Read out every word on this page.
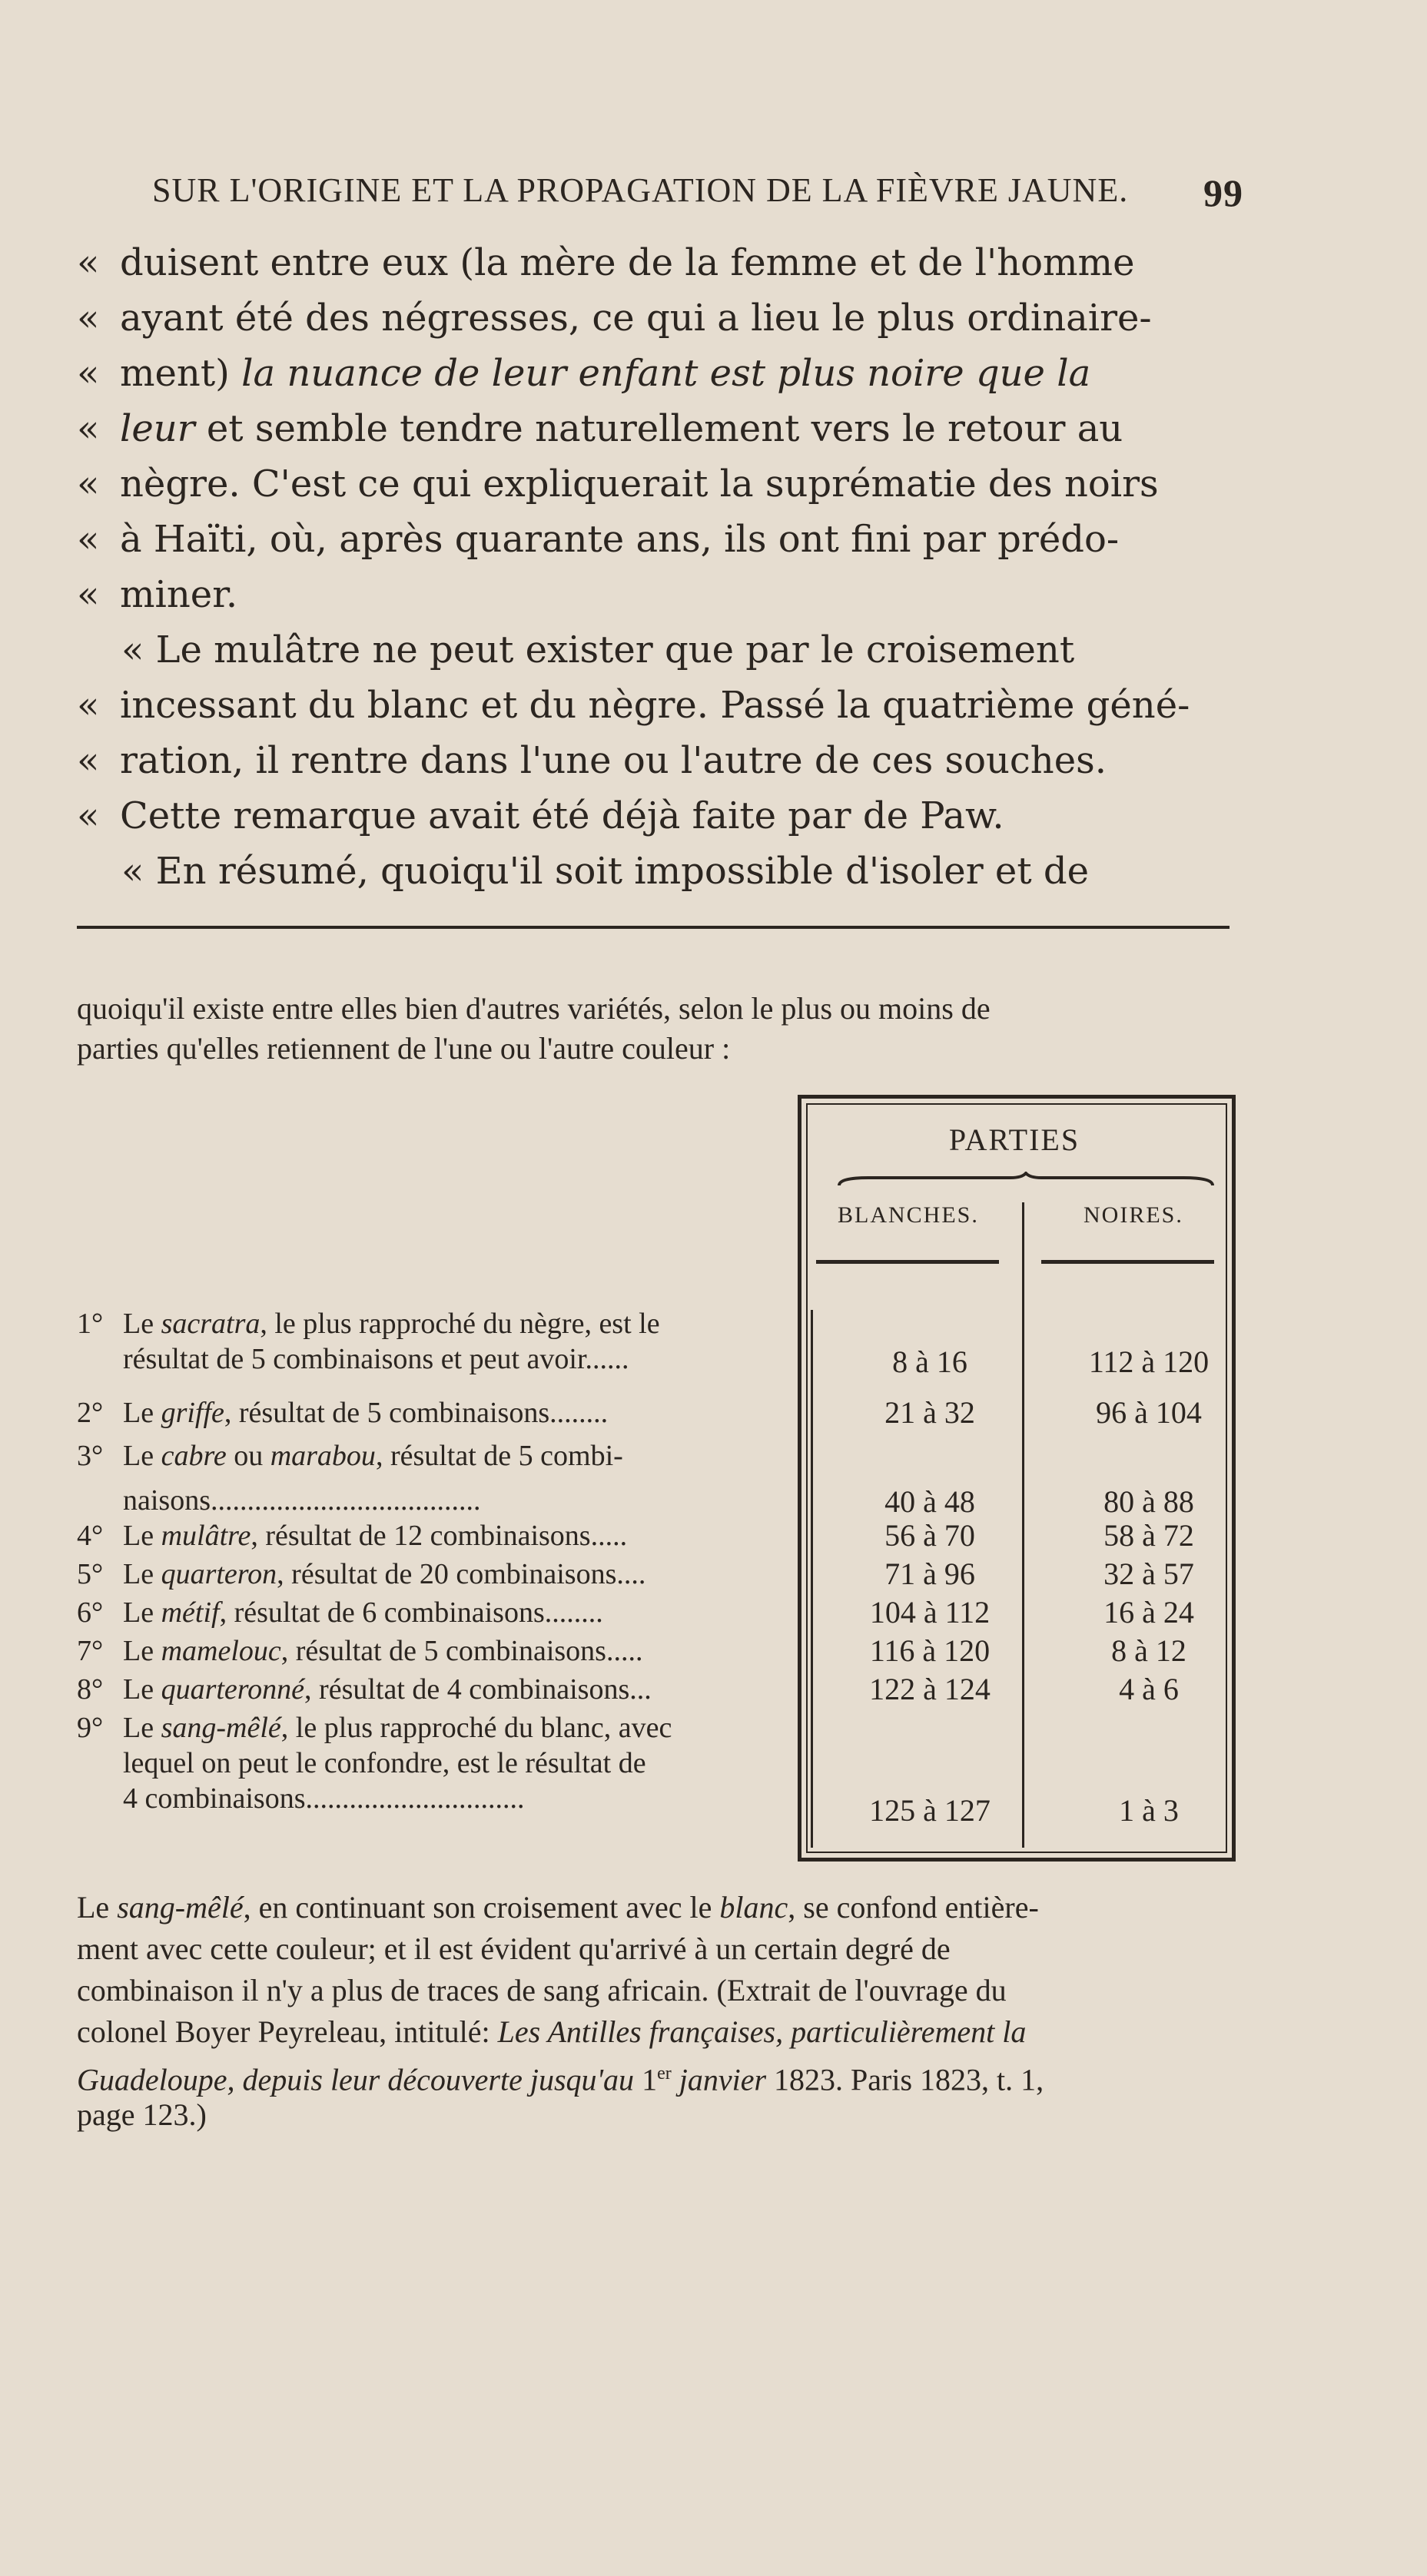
SUR L'ORIGINE ET LA PROPAGATION DE LA FIÈVRE JAUNE. 99
« duisent entre eux (la mère de la femme et de l'homme
« ayant été des négresses, ce qui a lieu le plus ordinaire-
« ment) la nuance de leur enfant est plus noire que la
« leur et semble tendre naturellement vers le retour au
« nègre. C'est ce qui expliquerait la suprématie des noirs
« à Haïti, où, après quarante ans, ils ont fini par prédo-
« miner.
« Le mulâtre ne peut exister que par le croisement
« incessant du blanc et du nègre. Passé la quatrième géné-
« ration, il rentre dans l'une ou l'autre de ces souches.
« Cette remarque avait été déjà faite par de Paw.
« En résumé, quoiqu'il soit impossible d'isoler et de
quoiqu'il existe entre elles bien d'autres variétés, selon le plus ou moins de
parties qu'elles retiennent de l'une ou l'autre couleur :
PARTIES
BLANCHES.	NOIRES.
1° Le sacratra, le plus rapproché du nègre, est le
résultat de 5 combinaisons et peut avoir......	8 à 16	112 à 120
2° Le griffe, résultat de 5 combinaisons........	21 à 32	96 à 104
3° Le cabre ou marabou, résultat de 5 combi-
naisons.....................................	40 à 48	80 à 88
4° Le mulâtre, résultat de 12 combinaisons.....	56 à 70	58 à 72
5° Le quarteron, résultat de 20 combinaisons....	71 à 96	32 à 57
6° Le métif, résultat de 6 combinaisons........	104 à 112	16 à 24
7° Le mamelouc, résultat de 5 combinaisons.....	116 à 120	8 à 12
8° Le quarteronné, résultat de 4 combinaisons...	122 à 124	4 à 6
9° Le sang-mêlé, le plus rapproché du blanc, avec
lequel on peut le confondre, est le résultat de
4 combinaisons..............................	125 à 127	1 à 3
Le sang-mêlé, en continuant son croisement avec le blanc, se confond entière-
ment avec cette couleur; et il est évident qu'arrivé à un certain degré de
combinaison il n'y a plus de traces de sang africain. (Extrait de l'ouvrage du
colonel Boyer Peyreleau, intitulé: Les Antilles françaises, particulièrement la
Guadeloupe, depuis leur découverte jusqu'au 1er janvier 1823. Paris 1823, t. 1,
page 123.)
